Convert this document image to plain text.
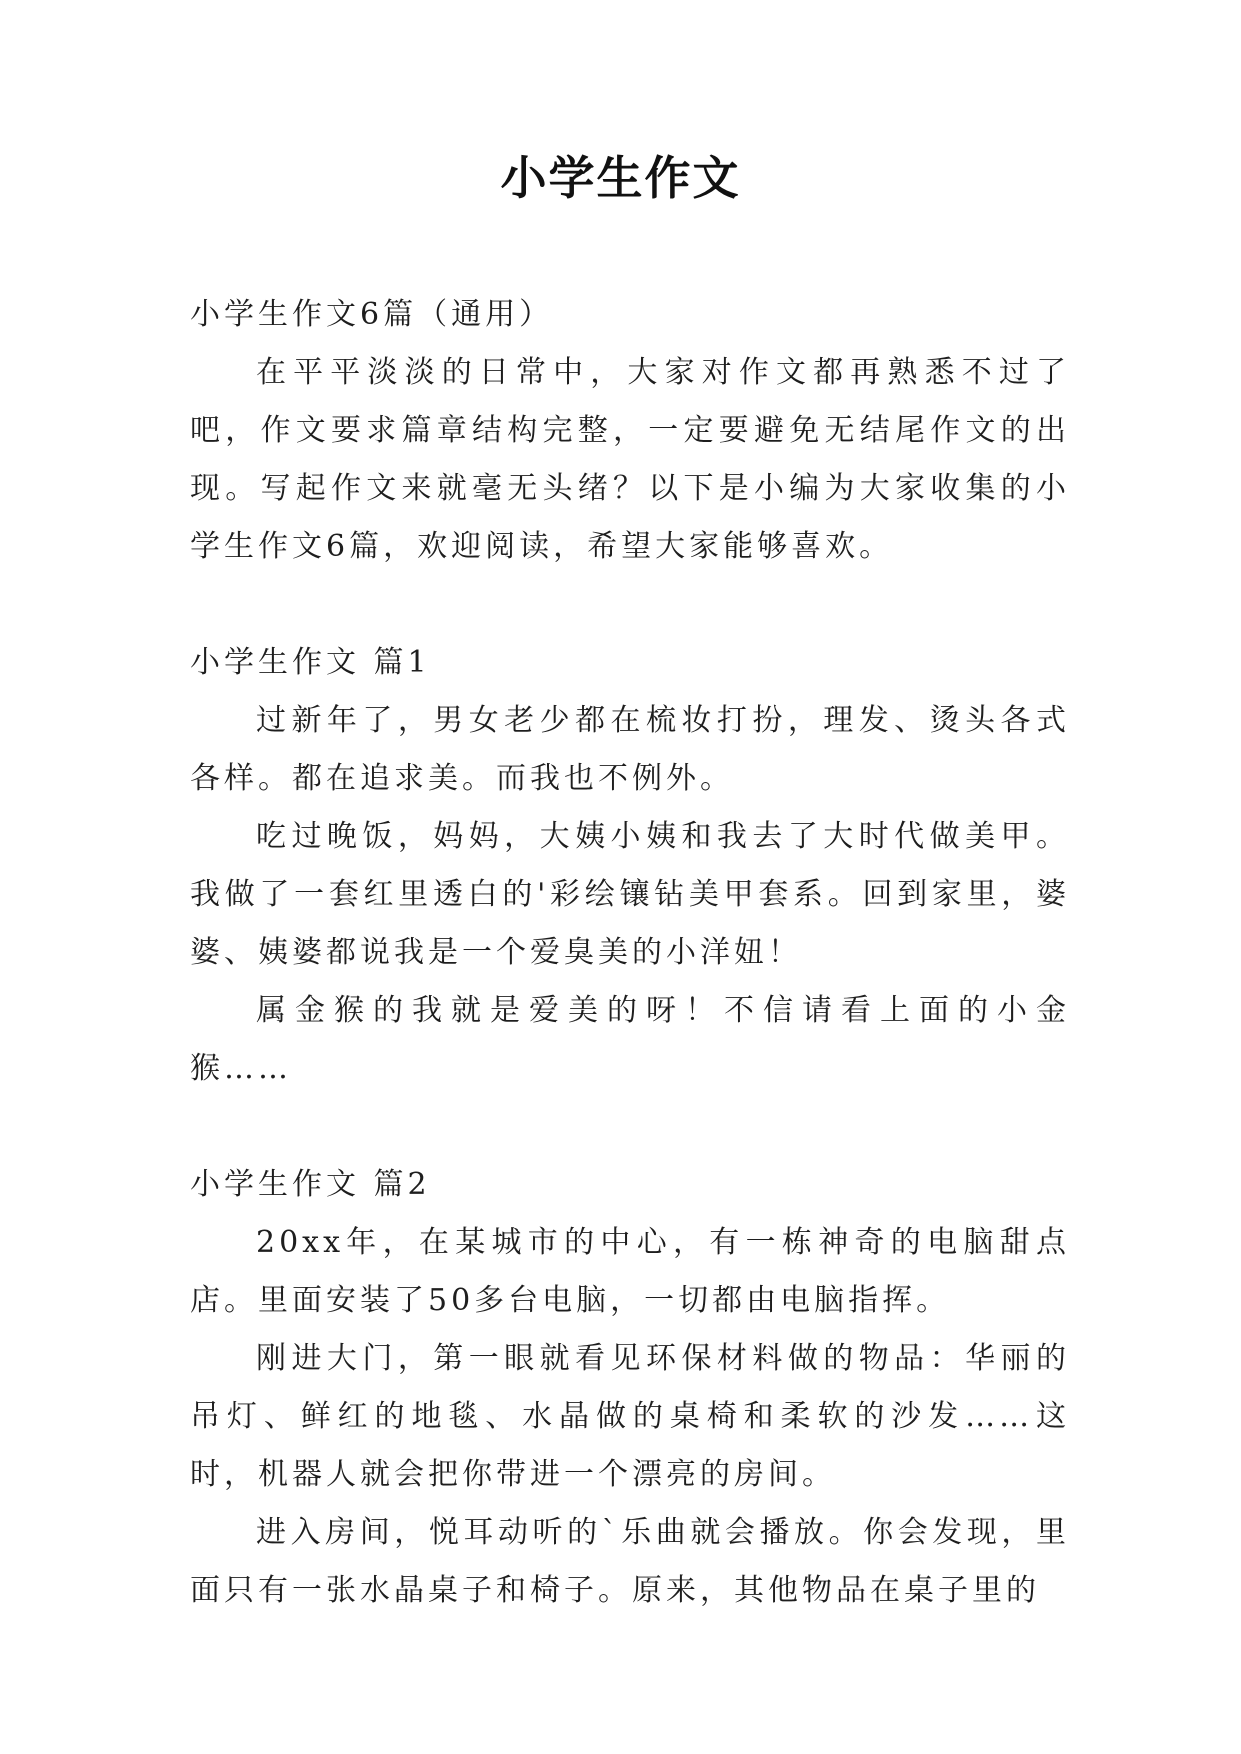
小学生作文

小学生作文6篇（通用）

在平平淡淡的日常中，大家对作文都再熟悉不过了吧，作文要求篇章结构完整，一定要避免无结尾作文的出现。写起作文来就毫无头绪？以下是小编为大家收集的小学生作文6篇，欢迎阅读，希望大家能够喜欢。

小学生作文 篇1

过新年了，男女老少都在梳妆打扮，理发、烫头各式各样。都在追求美。而我也不例外。

吃过晚饭，妈妈，大姨小姨和我去了大时代做美甲。我做了一套红里透白的'彩绘镶钻美甲套系。回到家里，婆婆、姨婆都说我是一个爱臭美的小洋妞！

属金猴的我就是爱美的呀！不信请看上面的小金猴……

小学生作文 篇2

20xx年，在某城市的中心，有一栋神奇的电脑甜点店。里面安装了50多台电脑，一切都由电脑指挥。

刚进大门，第一眼就看见环保材料做的物品：华丽的吊灯、鲜红的地毯、水晶做的桌椅和柔软的沙发……这时，机器人就会把你带进一个漂亮的房间。

进入房间，悦耳动听的`乐曲就会播放。你会发现，里面只有一张水晶桌子和椅子。原来，其他物品在桌子里的
